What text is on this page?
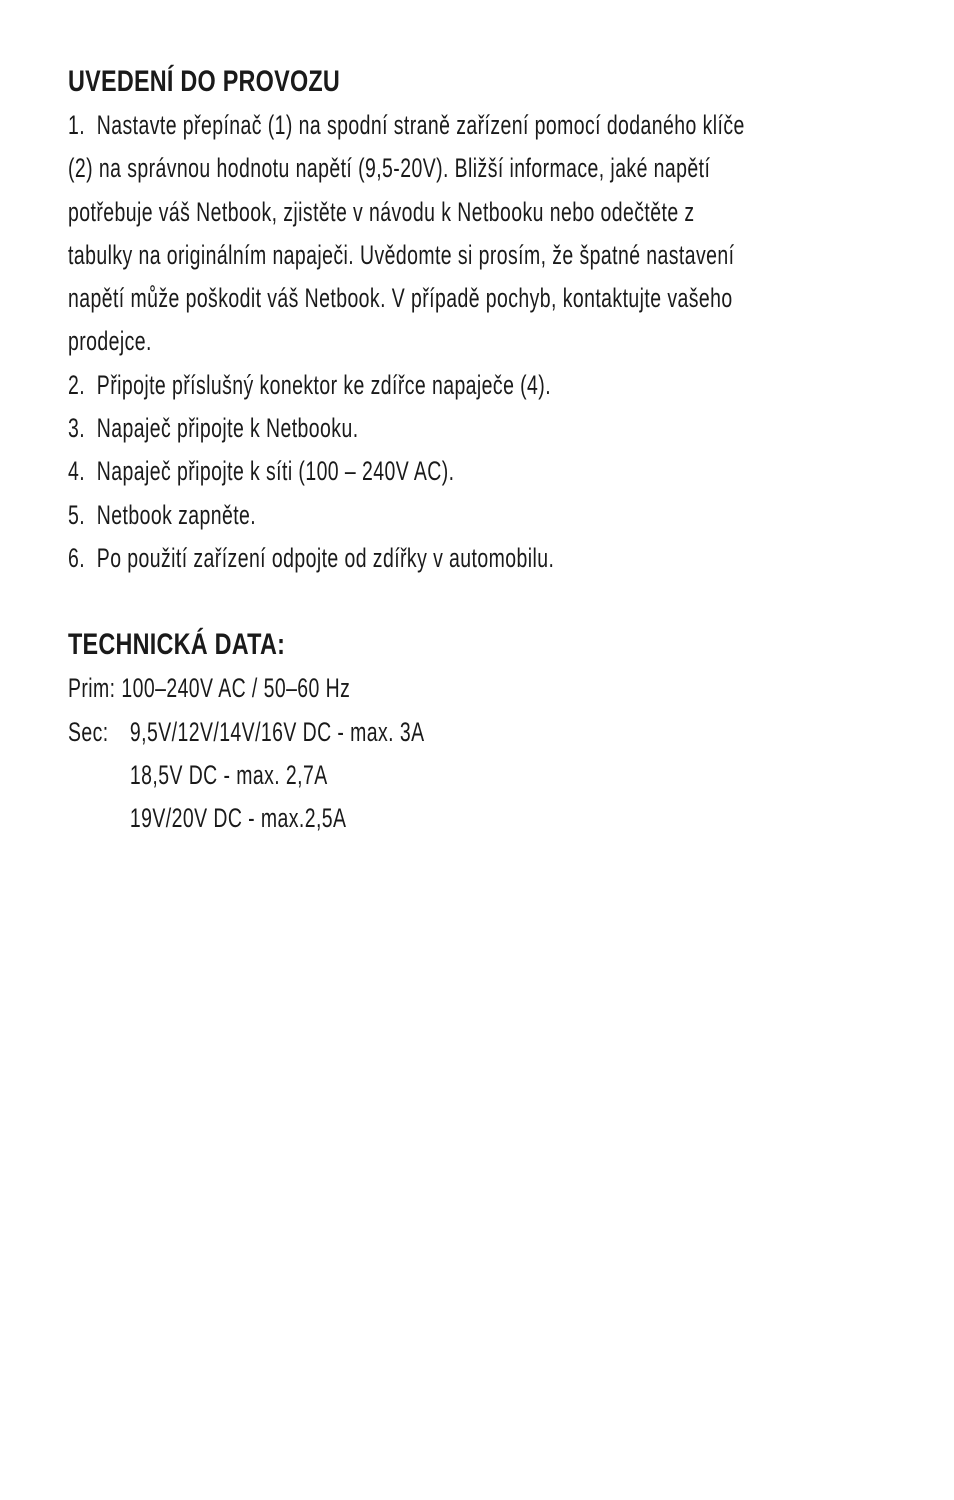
UVEDENÍ DO PROVOZU
1. Nastavte přepínač (1) na spodní straně zařízení pomocí dodaného klíče
(2) na správnou hodnotu napětí (9,5-20V). Bližší informace, jaké napětí
potřebuje váš Netbook, zjistěte v návodu k Netbooku nebo odečtěte z
tabulky na originálním napaječi. Uvědomte si prosím, že špatné nastavení
napětí může poškodit váš Netbook. V případě pochyb, kontaktujte vašeho
prodejce.
2. Připojte příslušný konektor ke zdířce napaječe (4).
3. Napaječ připojte k Netbooku.
4. Napaječ připojte k síti (100 – 240V AC).
5. Netbook zapněte.
6. Po použití zařízení odpojte od zdířky v automobilu.
TECHNICKÁ DATA:
Prim: 100–240V AC / 50–60 Hz
Sec: 9,5V/12V/14V/16V DC - max. 3A
18,5V DC - max. 2,7A
19V/20V DC - max.2,5A
